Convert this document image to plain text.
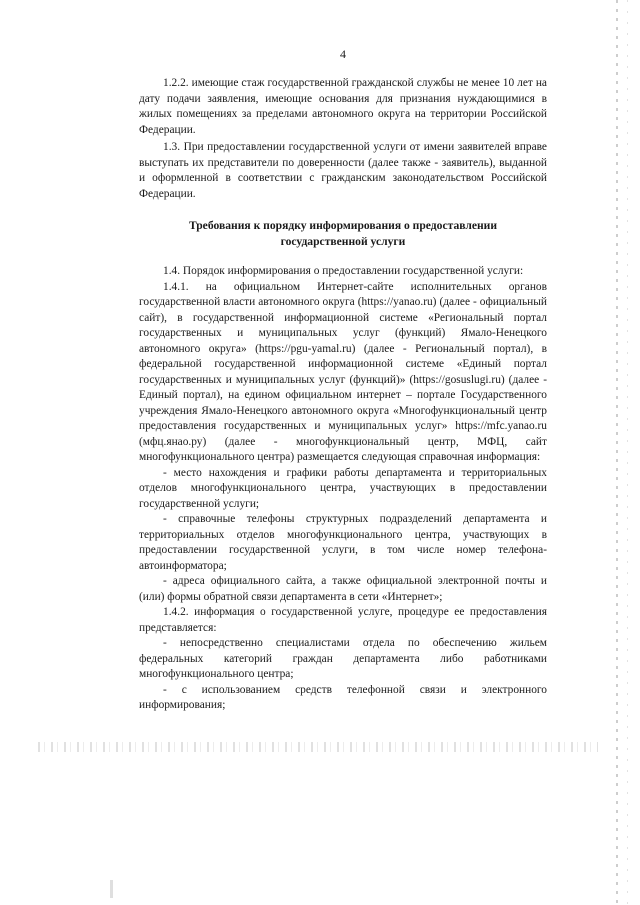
4

1.2.2. имеющие стаж государственной гражданской службы не менее 10 лет на дату подачи заявления, имеющие основания для признания нуждающимися в жилых помещениях за пределами автономного округа на территории Российской Федерации.

1.3. При предоставлении государственной услуги от имени заявителей вправе выступать их представители по доверенности (далее также - заявитель), выданной и оформленной в соответствии с гражданским законодательством Российской Федерации.

Требования к порядку информирования о предоставлении
государственной услуги

1.4. Порядок информирования о предоставлении государственной услуги:

1.4.1. на официальном Интернет-сайте исполнительных органов государственной власти автономного округа (https://yanao.ru) (далее - официальный сайт), в государственной информационной системе «Региональный портал государственных и муниципальных услуг (функций) Ямало-Ненецкого автономного округа» (https://pgu-yamal.ru) (далее - Региональный портал), в федеральной государственной информационной системе «Единый портал государственных и муниципальных услуг (функций)» (https://gosuslugi.ru) (далее - Единый портал), на едином официальном интернет – портале Государственного учреждения Ямало-Ненецкого автономного округа «Многофункциональный центр предоставления государственных и муниципальных услуг» https://mfc.yanao.ru (мфц.янао.ру) (далее - многофункциональный центр, МФЦ, сайт многофункционального центра) размещается следующая справочная информация:

- место нахождения и графики работы департамента и территориальных отделов многофункционального центра, участвующих в предоставлении государственной услуги;

- справочные телефоны структурных подразделений департамента и территориальных отделов многофункционального центра, участвующих в предоставлении государственной услуги, в том числе номер телефона-автоинформатора;

- адреса официального сайта, а также официальной электронной почты и (или) формы обратной связи департамента в сети «Интернет»;

1.4.2. информация о государственной услуге, процедуре ее предоставления представляется:

- непосредственно специалистами отдела по обеспечению жильем федеральных категорий граждан департамента либо работниками многофункционального центра;

- с использованием средств телефонной связи и электронного информирования;
